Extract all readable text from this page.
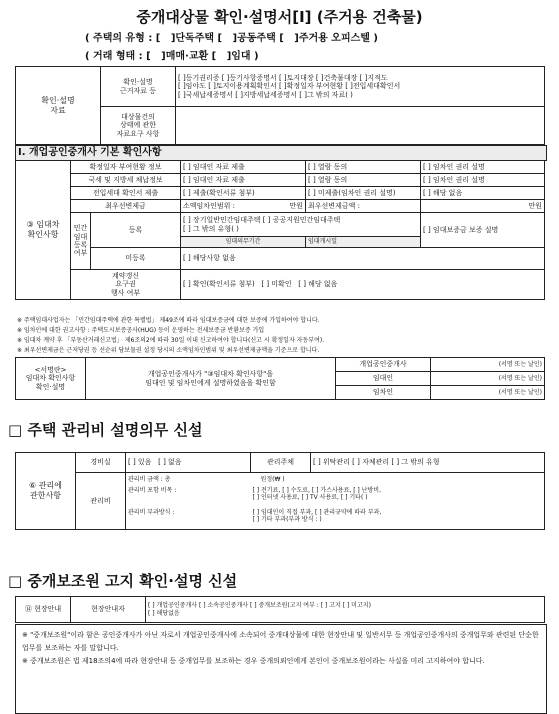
중개대상물 확인·설명서[Ⅰ] (주거용 건축물)
( 주택의 유형 : [ ]단독주택 [ ]공동주택 [ ]주거용 오피스텔 )
( 거래 형태 : [ ]매매·교환 [ ]임대 )
확인·설명
자료	확인·설명
근거자료 등	[ ]등기권리증 [ ]등기사항증명서 [ ]토지대장 [ ]건축물대장 [ ]지적도
[ ]임야도 [ ]토지이용계획확인서 [ ]확정일자 부여현황 [ ]전입세대확인서
[ ]국세납세증명서 [ ]지방세납세증명서 [ ]그 밖의 자료( )
	대상물건의
상태에 관한
자료요구 사항	
Ⅰ. 개업공인중개사 기본 확인사항
③ 임대차
확인사항	확정일자 부여현황 정보		[ ] 임대인 자료 제출	[ ] 열람 동의	[ ] 임차인 권리 설명
	국세 및 지방세 체납정보		[ ] 임대인 자료 제출	[ ] 열람 동의	[ ] 임차인 권리 설명
	전입세대 확인서 제출		[ ] 제출(확인서류 첨부)	[ ] 미제출(임차인 권리 설명)	[ ] 해당 없음
	최우선변제금		소액임차인범위 : 만원	최우선변제금액 :	만원
	민간
임대
등록
여부	등록	[ ] 장기일반민간임대주택 [ ] 공공지원민간임대주택
[ ] 그 밖의 유형( )		[ ] 임대보증금 보증 설명
			임대의무기간	임대개시일	
		미등록	[ ] 해당사항 없음		
	계약갱신
요구권
행사 여부		[ ] 확인(확인서류 첨부)   [ ] 미확인   [ ] 해당 없음		
※ 주택임대사업자는 「민간임대주택에 관한 특별법」 제49조에 따라 임대보증금에 대한 보증에 가입하여야 합니다.
※ 임차인에 대한 권고사항 : 주택도시보증공사(HUG) 등이 운영하는 전세보증금 반환보증 가입
※ 임대차 계약 후 「부동산거래신고법」 제6조의2에 따라 30일 이내 신고하여야 합니다(신고 시 확정일자 자동부여).
※ 최우선변제금은 근저당권 등 선순위 담보물권 설정 당시의 소액임차인범위 및 최우선변제금액을 기준으로 합니다.
<서명란>
임대차 확인사항
확인·설명	개업공인중개사가 "③임대차 확인사항"을
임대인 및 임차인에게 설명하였음을 확인함	개업공인중개사	(서명 또는 날인)
		임대인	(서명 또는 날인)
		임차인	(서명 또는 날인)
□ 주택 관리비 설명의무 신설
⑥ 관리에
관한사항	경비실	[ ] 있음   [ ] 없음	관리주체	[ ] 위탁관리 [ ] 자체관리 [ ] 그 밖의 유형
	관리비	관리비 금액 : 총 원정(₩ )		
		관리비 포함 비목 :	[ ] 전기료, [ ] 수도료, [ ] 가스사용료, [ ] 난방비,
[ ] 인터넷 사용료, [ ] TV 사용료, [ ] 기타( )	
		관리비 부과방식 :	[ ] 임대인이 직접 부과, [ ] 관리규약에 따라 부과,
[ ] 기타 부과(부과 방식 : )	
□ 중개보조원 고지 확인·설명 신설
⑭ 현장안내	현장안내자	[ ] 개업공인중개사 [ ] 소속공인중개사 [ ] 중개보조원(고지 여부 : [ ] 고지 [ ] 미고지)
[ ] 해당없음
※ "중개보조원"이라 함은 공인중개사가 아닌 자로서 개업공인중개사에 소속되어 중개대상물에 대한 현장안내 및 일반서무 등 개업공인중개사의 중개업무와 관련된 단순한 업무를 보조하는 자를 말합니다.
※ 중개보조원은 법 제18조의4에 따라 현장안내 등 중개업무를 보조하는 경우 중개의뢰인에게 본인이 중개보조원이라는 사실을 미리 고지하여야 합니다.
